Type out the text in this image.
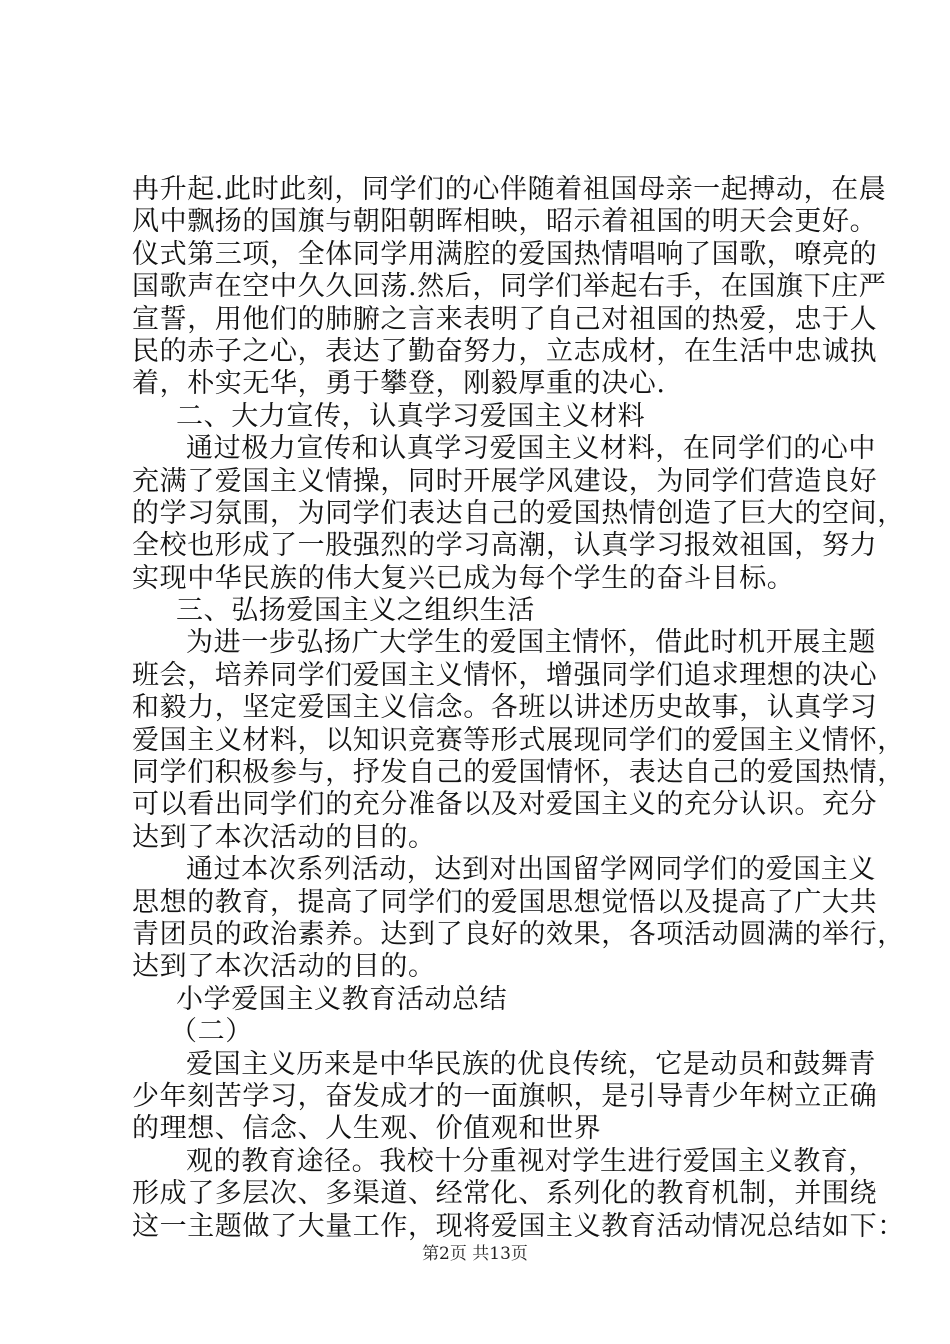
冉升起.此时此刻，同学们的心伴随着祖国母亲一起搏动，在晨
风中飘扬的国旗与朝阳朝晖相映，昭示着祖国的明天会更好。
仪式第三项，全体同学用满腔的爱国热情唱响了国歌，嘹亮的
国歌声在空中久久回荡.然后，同学们举起右手，在国旗下庄严
宣誓，用他们的肺腑之言来表明了自己对祖国的热爱，忠于人
民的赤子之心，表达了勤奋努力，立志成材，在生活中忠诚执
着，朴实无华，勇于攀登，刚毅厚重的决心.
二、大力宣传，认真学习爱国主义材料
通过极力宣传和认真学习爱国主义材料，在同学们的心中
充满了爱国主义情操，同时开展学风建设，为同学们营造良好
的学习氛围，为同学们表达自己的爱国热情创造了巨大的空间，
全校也形成了一股强烈的学习高潮，认真学习报效祖国，努力
实现中华民族的伟大复兴已成为每个学生的奋斗目标。
三、弘扬爱国主义之组织生活
为进一步弘扬广大学生的爱国主情怀，借此时机开展主题
班会，培养同学们爱国主义情怀，增强同学们追求理想的决心
和毅力，坚定爱国主义信念。各班以讲述历史故事，认真学习
爱国主义材料，以知识竞赛等形式展现同学们的爱国主义情怀，
同学们积极参与，抒发自己的爱国情怀，表达自己的爱国热情，
可以看出同学们的充分准备以及对爱国主义的充分认识。充分
达到了本次活动的目的。
通过本次系列活动，达到对出国留学网同学们的爱国主义
思想的教育，提高了同学们的爱国思想觉悟以及提高了广大共
青团员的政治素养。达到了良好的效果，各项活动圆满的举行，
达到了本次活动的目的。
小学爱国主义教育活动总结
（二）
爱国主义历来是中华民族的优良传统，它是动员和鼓舞青
少年刻苦学习，奋发成才的一面旗帜，是引导青少年树立正确
的理想、信念、人生观、价值观和世界
观的教育途径。我校十分重视对学生进行爱国主义教育，
形成了多层次、多渠道、经常化、系列化的教育机制，并围绕
这一主题做了大量工作，现将爱国主义教育活动情况总结如下：
第2页 共13页
